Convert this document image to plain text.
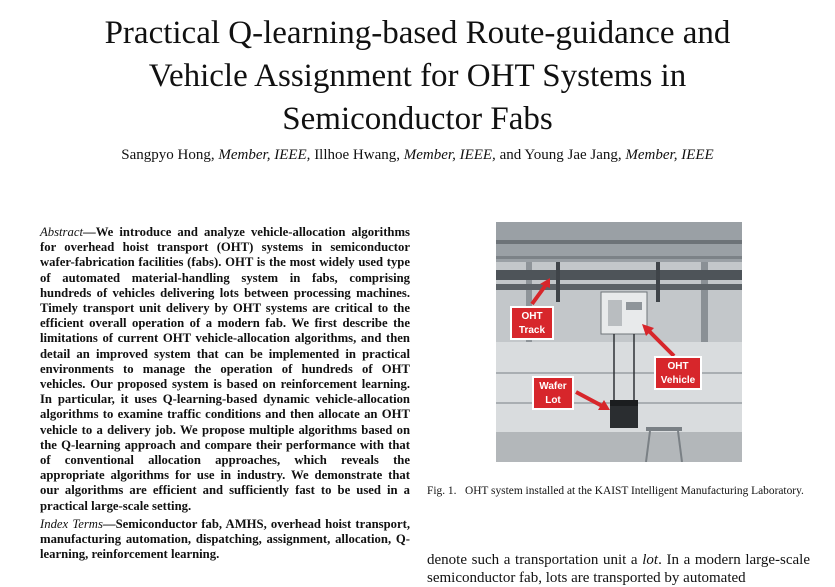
Practical Q-learning-based Route-guidance and
Vehicle Assignment for OHT Systems in
Semiconductor Fabs
Sangpyo Hong, Member, IEEE, Illhoe Hwang, Member, IEEE, and Young Jae Jang, Member, IEEE
Abstract—We introduce and analyze vehicle-allocation algorithms for overhead hoist transport (OHT) systems in semiconductor wafer-fabrication facilities (fabs). OHT is the most widely used type of automated material-handling system in fabs, comprising hundreds of vehicles delivering lots between processing machines. Timely transport unit delivery by OHT systems are critical to the efficient overall operation of a modern fab. We first describe the limitations of current OHT vehicle-allocation algorithms, and then detail an improved system that can be implemented in practical environments to manage the operation of hundreds of OHT vehicles. Our proposed system is based on reinforcement learning. In particular, it uses Q-learning-based dynamic vehicle-allocation algorithms to examine traffic conditions and then allocate an OHT vehicle to a delivery job. We propose multiple algorithms based on the Q-learning approach and compare their performance with that of conventional allocation approaches, which reveals the appropriate algorithms for use in industry. We demonstrate that our algorithms are efficient and sufficiently fast to be used in a practical large-scale setting.
Index Terms—Semiconductor fab, AMHS, overhead hoist transport, manufacturing automation, dispatching, assignment, allocation, Q-learning, reinforcement learning.
OHT
Track
OHT
Vehicle
Wafer
Lot
Fig. 1. OHT system installed at the KAIST Intelligent Manufacturing Laboratory.
denote such a transportation unit a lot. In a modern large-scale semiconductor fab, lots are transported by automated
